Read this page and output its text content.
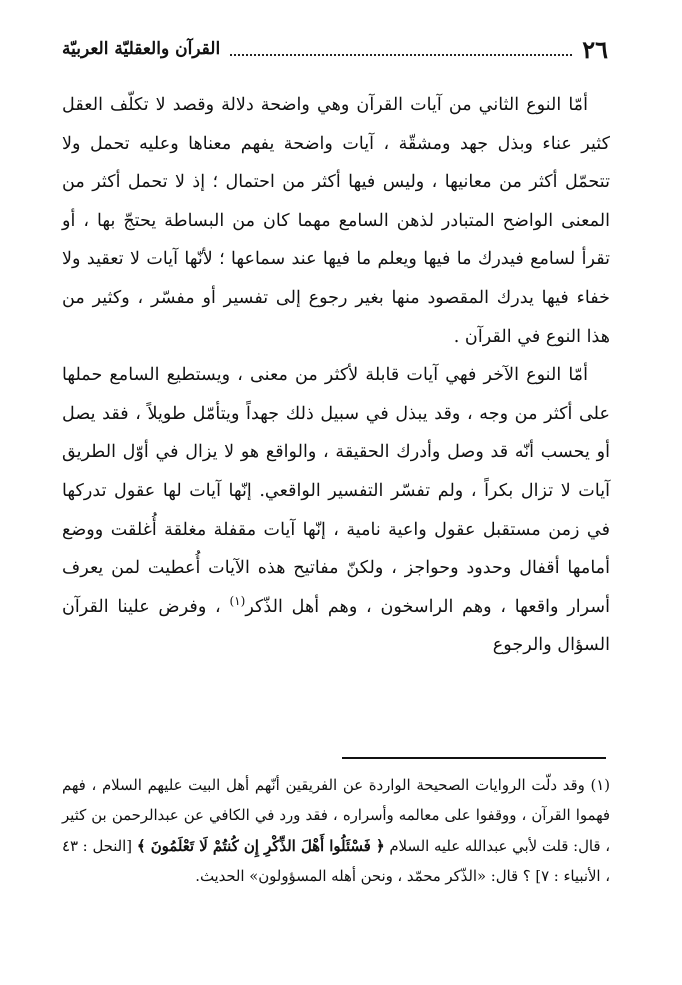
٢٦
القرآن والعقليّة العربيّة

أمّا النوع الثاني من آيات القرآن وهي واضحة دلالة وقصد لا تكلّف العقل كثير عناء وبذل جهد ومشقّة ، آيات واضحة يفهم معناها وعليه تحمل ولا تتحمّل أكثر من معانيها ، وليس فيها أكثر من احتمال ؛ إذ لا تحمل أكثر من المعنى الواضح المتبادر لذهن السامع مهما كان من البساطة يحتجّ بها ، أو تقرأ لسامع فيدرك ما فيها ويعلم ما فيها عند سماعها ؛ لأنّها آيات لا تعقيد ولا خفاء فيها يدرك المقصود منها بغير رجوع إلى تفسير أو مفسّر ، وكثير من هذا النوع في القرآن .

أمّا النوع الآخر فهي آيات قابلة لأكثر من معنى ، ويستطيع السامع حملها على أكثر من وجه ، وقد يبذل في سبيل ذلك جهداً ويتأمّل طويلاً ، فقد يصل أو يحسب أنّه قد وصل وأدرك الحقيقة ، والواقع هو لا يزال في أوّل الطريق آيات لا تزال بكراً ، ولم تفسّر التفسير الواقعي. إنّها آيات لها عقول تدركها في زمن مستقبل عقول واعية نامية ، إنّها آيات مقفلة مغلقة أُغلقت ووضع أمامها أقفال وحدود وحواجز ، ولكنّ مفاتيح هذه الآيات أُعطيت لمن يعرف أسرار واقعها ، وهم الراسخون ، وهم أهل الذّكر$^{(١)}$ ، وفرض علينا القرآن السؤال والرجوع

(١) وقد دلّت الروايات الصحيحة الواردة عن الفريقين أنّهم أهل البيت عليهم السلام ، فهم فهموا القرآن ، ووقفوا على معالمه وأسراره ، فقد ورد في الكافي عن عبدالرحمن بن كثير ، قال: قلت لأبي عبدالله عليه السلام ﴿ فَسْئَلُوا أَهْلَ الذِّكْرِ إِن كُنتُمْ لَا تَعْلَمُونَ ﴾ [النحل : ٤٣ ، الأنبياء : ٧] ؟ قال: «الذّكر محمّد ، ونحن أهله المسؤولون» الحديث.
